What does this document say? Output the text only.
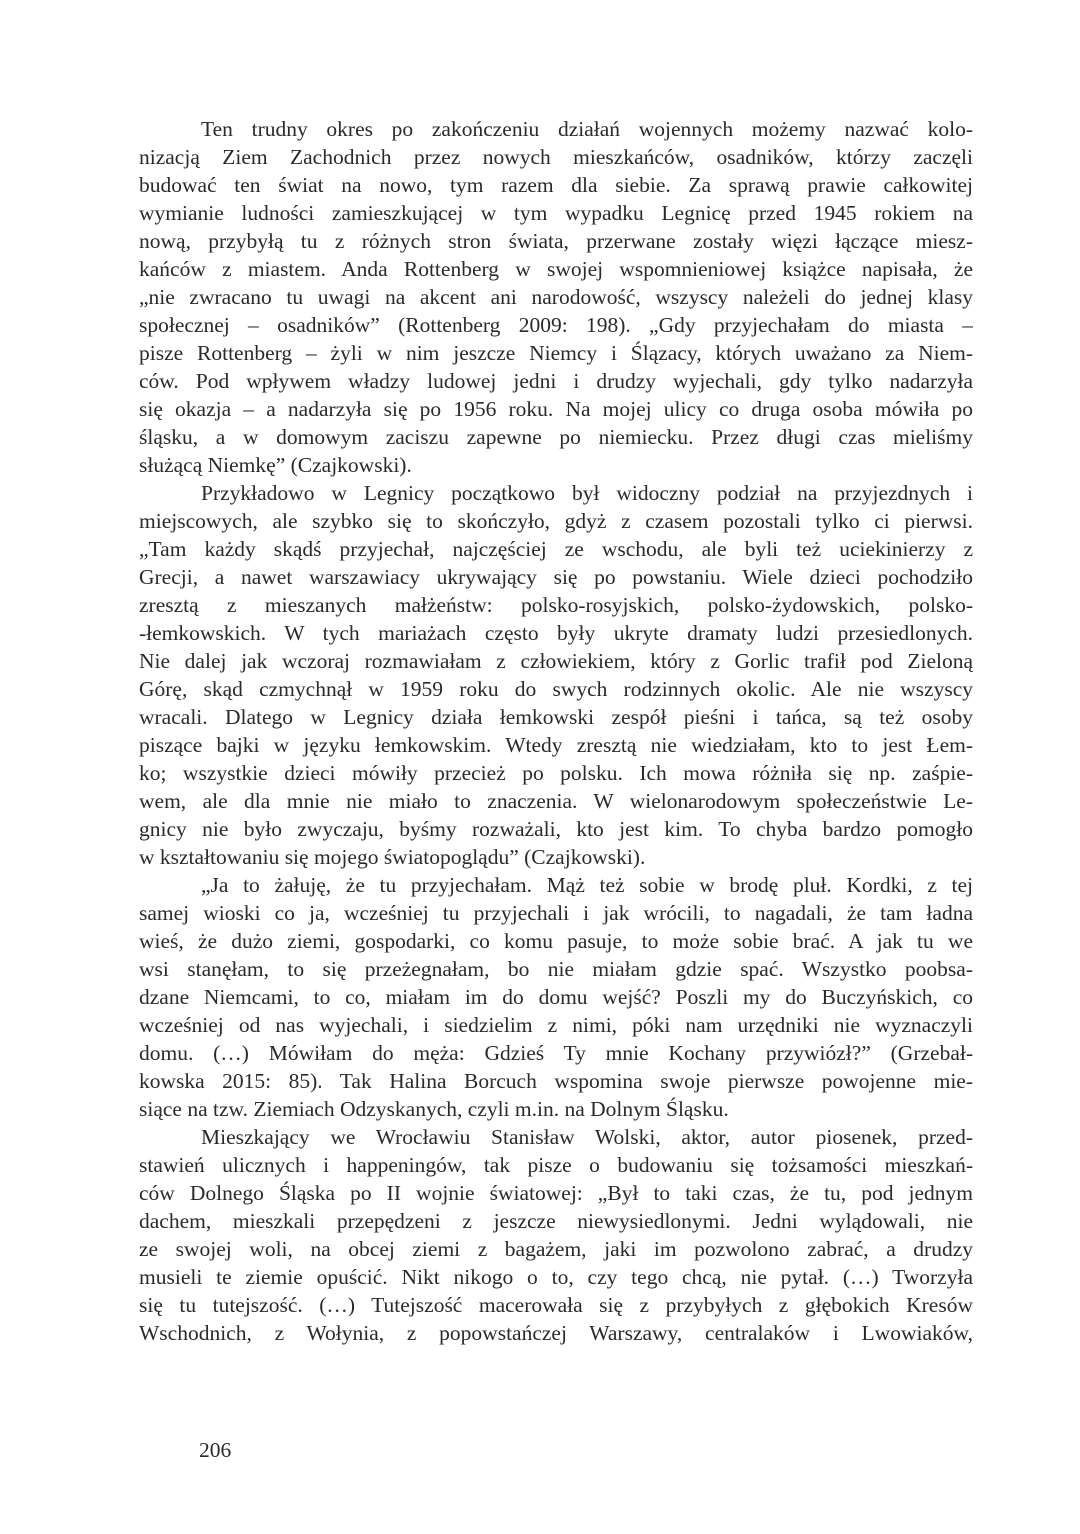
Ten trudny okres po zakończeniu działań wojennych możemy nazwać kolo-
nizacją Ziem Zachodnich przez nowych mieszkańców, osadników, którzy zaczęli
budować ten świat na nowo, tym razem dla siebie. Za sprawą prawie całkowitej
wymianie ludności zamieszkującej w tym wypadku Legnicę przed 1945 rokiem na
nową, przybyłą tu z różnych stron świata, przerwane zostały więzi łączące miesz-
kańców z miastem. Anda Rottenberg w swojej wspomnieniowej książce napisała, że
„nie zwracano tu uwagi na akcent ani narodowość, wszyscy należeli do jednej klasy
społecznej – osadników” (Rottenberg 2009: 198). „Gdy przyjechałam do miasta –
pisze Rottenberg – żyli w nim jeszcze Niemcy i Ślązacy, których uważano za Niem-
ców. Pod wpływem władzy ludowej jedni i drudzy wyjechali, gdy tylko nadarzyła
się okazja – a nadarzyła się po 1956 roku. Na mojej ulicy co druga osoba mówiła po
śląsku, a w domowym zaciszu zapewne po niemiecku. Przez długi czas mieliśmy
służącą Niemkę” (Czajkowski).
Przykładowo w Legnicy początkowo był widoczny podział na przyjezdnych i
miejscowych, ale szybko się to skończyło, gdyż z czasem pozostali tylko ci pierwsi.
„Tam każdy skądś przyjechał, najczęściej ze wschodu, ale byli też uciekinierzy z
Grecji, a nawet warszawiacy ukrywający się po powstaniu. Wiele dzieci pochodziło
zresztą z mieszanych małżeństw: polsko-rosyjskich, polsko-żydowskich, polsko-
-łemkowskich. W tych mariażach często były ukryte dramaty ludzi przesiedlonych.
Nie dalej jak wczoraj rozmawiałam z człowiekiem, który z Gorlic trafił pod Zieloną
Górę, skąd czmychnął w 1959 roku do swych rodzinnych okolic. Ale nie wszyscy
wracali. Dlatego w Legnicy działa łemkowski zespół pieśni i tańca, są też osoby
piszące bajki w języku łemkowskim. Wtedy zresztą nie wiedziałam, kto to jest Łem-
ko; wszystkie dzieci mówiły przecież po polsku. Ich mowa różniła się np. zaśpie-
wem, ale dla mnie nie miało to znaczenia. W wielonarodowym społeczeństwie Le-
gnicy nie było zwyczaju, byśmy rozważali, kto jest kim. To chyba bardzo pomogło
w kształtowaniu się mojego światopoglądu” (Czajkowski).
„Ja to żałuję, że tu przyjechałam. Mąż też sobie w brodę pluł. Kordki, z tej
samej wioski co ja, wcześniej tu przyjechali i jak wrócili, to nagadali, że tam ładna
wieś, że dużo ziemi, gospodarki, co komu pasuje, to może sobie brać. A jak tu we
wsi stanęłam, to się przeżegnałam, bo nie miałam gdzie spać. Wszystko poobsa-
dzane Niemcami, to co, miałam im do domu wejść? Poszli my do Buczyńskich, co
wcześniej od nas wyjechali, i siedzielim z nimi, póki nam urzędniki nie wyznaczyli
domu. (…) Mówiłam do męża: Gdzieś Ty mnie Kochany przywiózł?” (Grzebał-
kowska 2015: 85). Tak Halina Borcuch wspomina swoje pierwsze powojenne mie-
siące na tzw. Ziemiach Odzyskanych, czyli m.in. na Dolnym Śląsku.
Mieszkający we Wrocławiu Stanisław Wolski, aktor, autor piosenek, przed-
stawień ulicznych i happeningów, tak pisze o budowaniu się tożsamości mieszkań-
ców Dolnego Śląska po II wojnie światowej: „Był to taki czas, że tu, pod jednym
dachem, mieszkali przepędzeni z jeszcze niewysiedlonymi. Jedni wylądowali, nie
ze swojej woli, na obcej ziemi z bagażem, jaki im pozwolono zabrać, a drudzy
musieli te ziemie opuścić. Nikt nikogo o to, czy tego chcą, nie pytał. (…) Tworzyła
się tu tutejszość. (…) Tutejszość macerowała się z przybyłych z głębokich Kresów
Wschodnich, z Wołynia, z popowstańczej Warszawy, centralaków i Lwowiaków,
206
